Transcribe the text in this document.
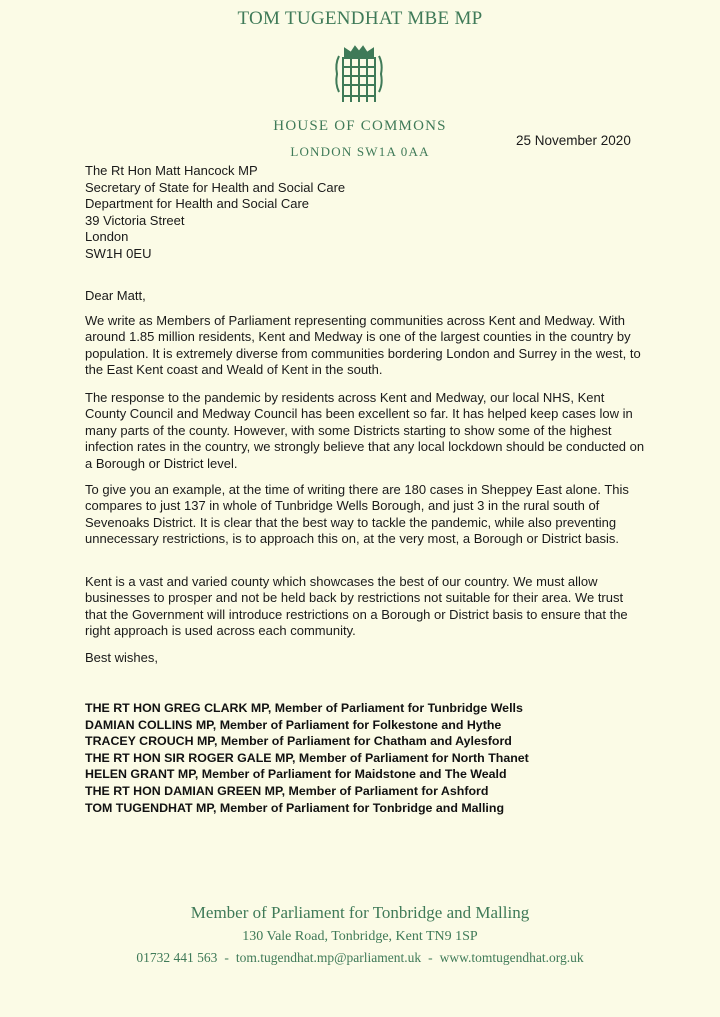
TOM TUGENDHAT MBE MP
HOUSE OF COMMONS
LONDON SW1A 0AA
25 November 2020
The Rt Hon Matt Hancock MP
Secretary of State for Health and Social Care
Department for Health and Social Care
39 Victoria Street
London
SW1H 0EU
Dear Matt,

We write as Members of Parliament representing communities across Kent and Medway. With around 1.85 million residents, Kent and Medway is one of the largest counties in the country by population. It is extremely diverse from communities bordering London and Surrey in the west, to the East Kent coast and Weald of Kent in the south.

The response to the pandemic by residents across Kent and Medway, our local NHS, Kent County Council and Medway Council has been excellent so far. It has helped keep cases low in many parts of the county. However, with some Districts starting to show some of the highest infection rates in the country, we strongly believe that any local lockdown should be conducted on a Borough or District level.

To give you an example, at the time of writing there are 180 cases in Sheppey East alone. This compares to just 137 in whole of Tunbridge Wells Borough, and just 3 in the rural south of Sevenoaks District. It is clear that the best way to tackle the pandemic, while also preventing unnecessary restrictions, is to approach this on, at the very most, a Borough or District basis.

Kent is a vast and varied county which showcases the best of our country. We must allow businesses to prosper and not be held back by restrictions not suitable for their area. We trust that the Government will introduce restrictions on a Borough or District basis to ensure that the right approach is used across each community.

Best wishes,
THE RT HON GREG CLARK MP, Member of Parliament for Tunbridge Wells
DAMIAN COLLINS MP, Member of Parliament for Folkestone and Hythe
TRACEY CROUCH MP, Member of Parliament for Chatham and Aylesford
THE RT HON SIR ROGER GALE MP, Member of Parliament for North Thanet
HELEN GRANT MP, Member of Parliament for Maidstone and The Weald
THE RT HON DAMIAN GREEN MP, Member of Parliament for Ashford
TOM TUGENDHAT MP, Member of Parliament for Tonbridge and Malling
Member of Parliament for Tonbridge and Malling
130 Vale Road, Tonbridge, Kent TN9 1SP
01732 441 563 - tom.tugendhat.mp@parliament.uk - www.tomtugendhat.org.uk
